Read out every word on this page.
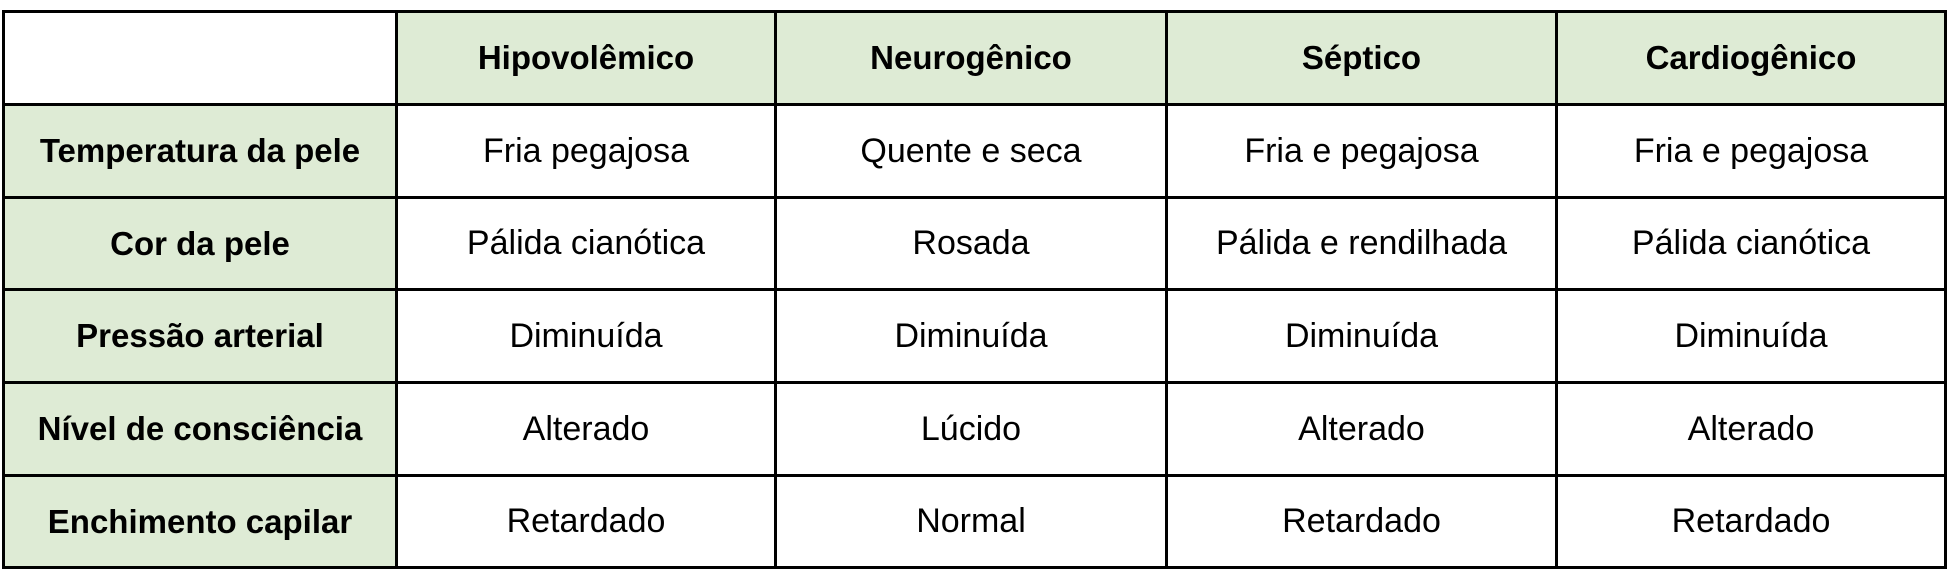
	Hipovolêmico	Neurogênico	Séptico	Cardiogênico
Temperatura da pele	Fria pegajosa	Quente e seca	Fria e pegajosa	Fria e pegajosa
Cor da pele	Pálida cianótica	Rosada	Pálida e rendilhada	Pálida cianótica
Pressão arterial	Diminuída	Diminuída	Diminuída	Diminuída
Nível de consciência	Alterado	Lúcido	Alterado	Alterado
Enchimento capilar	Retardado	Normal	Retardado	Retardado
